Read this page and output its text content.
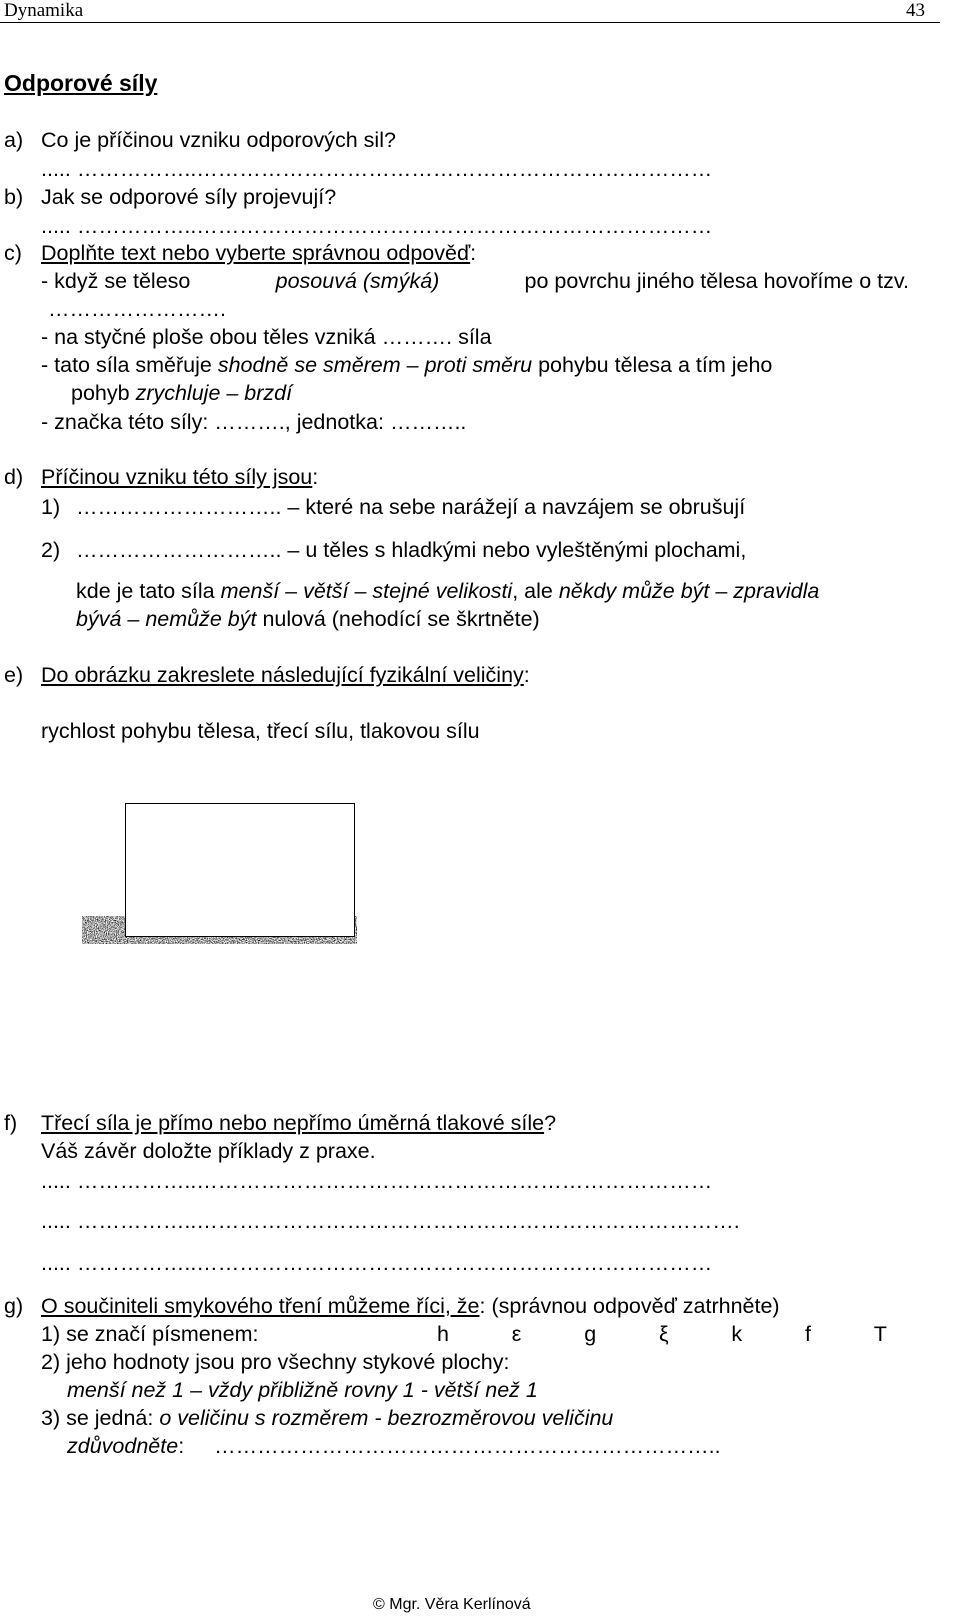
Dynamika	43
Odporové síly
a) Co je příčinou vzniku odporových sil?
..... ……………..………………………………………………………………
b) Jak se odporové síly projevují?
..... ……………..………………………………………………………………
c) Doplňte text nebo vyberte správnou odpověď:
- když se těleso	posouvá (smýká)	po povrchu jiného tělesa hovoříme o tzv.
…………………….
- na styčné ploše obou těles vzniká ………. síla
- tato síla směřuje shodně se směrem – proti směru pohybu tělesa a tím jeho
pohyb zrychluje – brzdí
- značka této síly: ………., jednotka: ………..
d) Příčinou vzniku této síly jsou:
1) ……………………….. – které na sebe narážejí a navzájem se obrušují
2) ……………………….. – u těles s hladkými nebo vyleštěnými plochami,
kde je tato síla menší – větší – stejné velikosti, ale někdy může být – zpravidla
bývá – nemůže být nulová (nehodící se škrtněte)
e) Do obrázku zakreslete následující fyzikální veličiny:
rychlost pohybu tělesa, třecí sílu, tlakovou sílu
f) Třecí síla je přímo nebo nepřímo úměrná tlakové síle?
Váš závěr doložte příklady z praxe.
..... ……………..………………………………………………………………
..... ……………..………………………………………………………………….
..... ……………..………………………………………………………………
g) O součiniteli smykového tření můžeme říci, že: (správnou odpověď zatrhněte)
1) se značí písmenem:	h	ε	g	ξ	k	f	T
2) jeho hodnoty jsou pro všechny stykové plochy:
menší než 1 – vždy přibližně rovny 1 - větší než 1
3) se jedná: o veličinu s rozměrem - bezrozměrovou veličinu
zdůvodněte: ……………………………………………………………..
© Mgr. Věra Kerlínová
